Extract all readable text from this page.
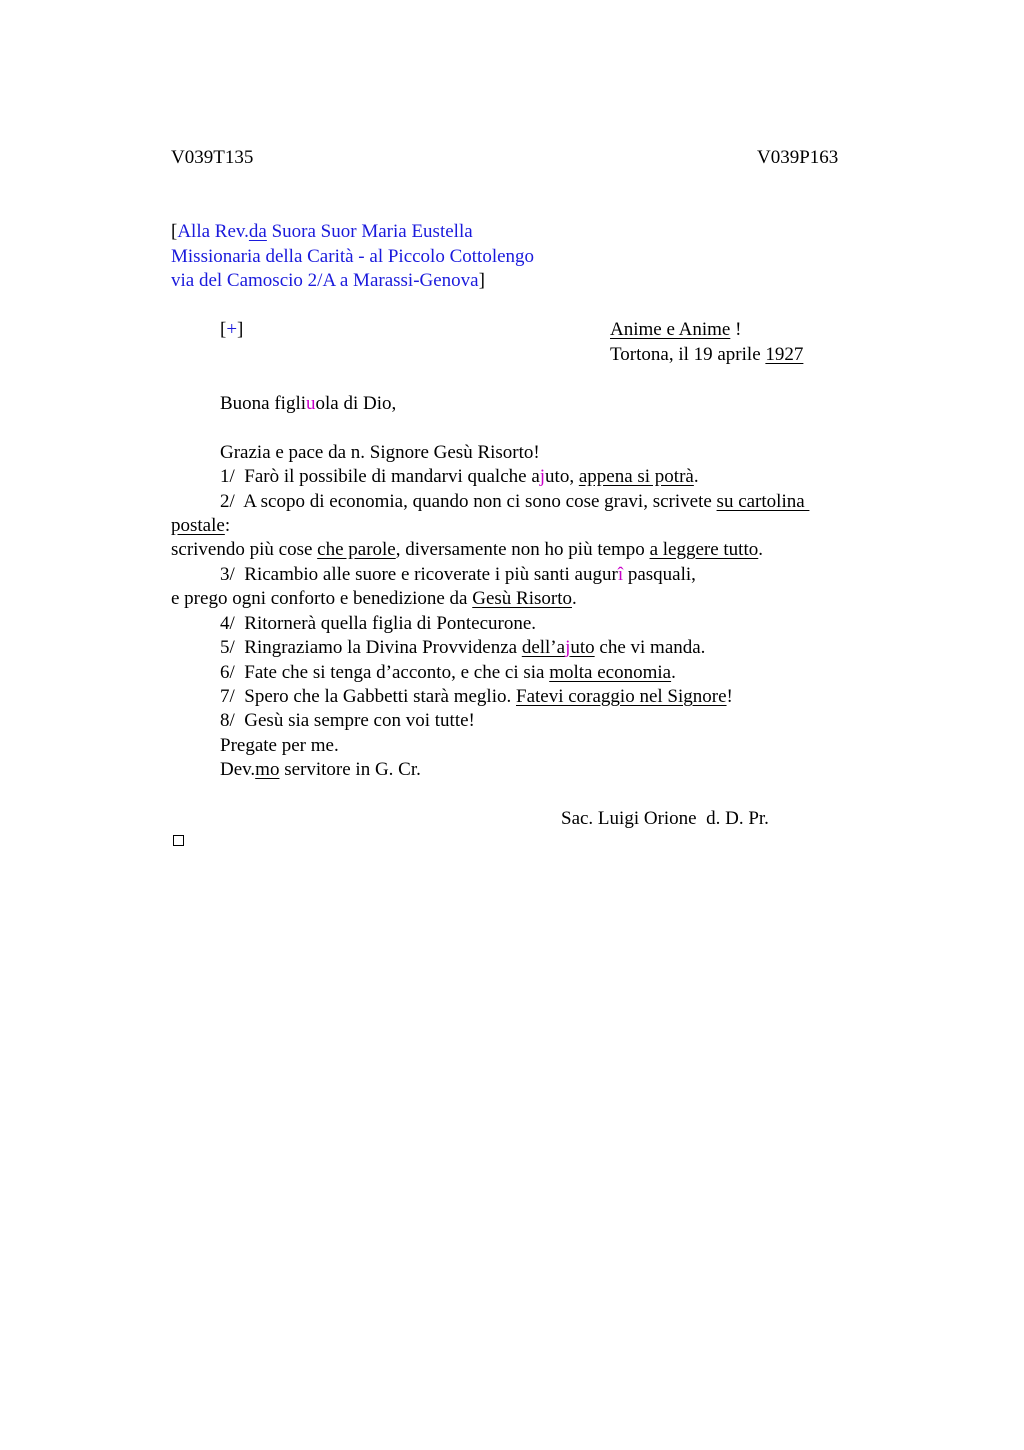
V039T135	V039P163
[Alla Rev.da Suora Suor Maria Eustella
Missionaria della Carità - al Piccolo Cottolengo
via del Camoscio 2/A a Marassi-Genova]
[+]	Anime e Anime !
Tortona, il 19 aprile 1927
Buona figliuola di Dio,
Grazia e pace da n. Signore Gesù Risorto!
1/  Farò il possibile di mandarvi qualche ajuto, appena si potrà.
2/  A scopo di economia, quando non ci sono cose gravi, scrivete su cartolina
postale:
scrivendo più cose che parole, diversamente non ho più tempo a leggere tutto.
3/  Ricambio alle suore e ricoverate i più santi augurî pasquali,
e prego ogni conforto e benedizione da Gesù Risorto.
4/  Ritornerà quella figlia di Pontecurone.
5/  Ringraziamo la Divina Provvidenza dell’ajuto che vi manda.
6/  Fate che si tenga d’acconto, e che ci sia molta economia.
7/  Spero che la Gabbetti starà meglio. Fatevi coraggio nel Signore!
8/  Gesù sia sempre con voi tutte!
Pregate per me.
Dev.mo servitore in G. Cr.
Sac. Luigi Orione  d. D. Pr.
